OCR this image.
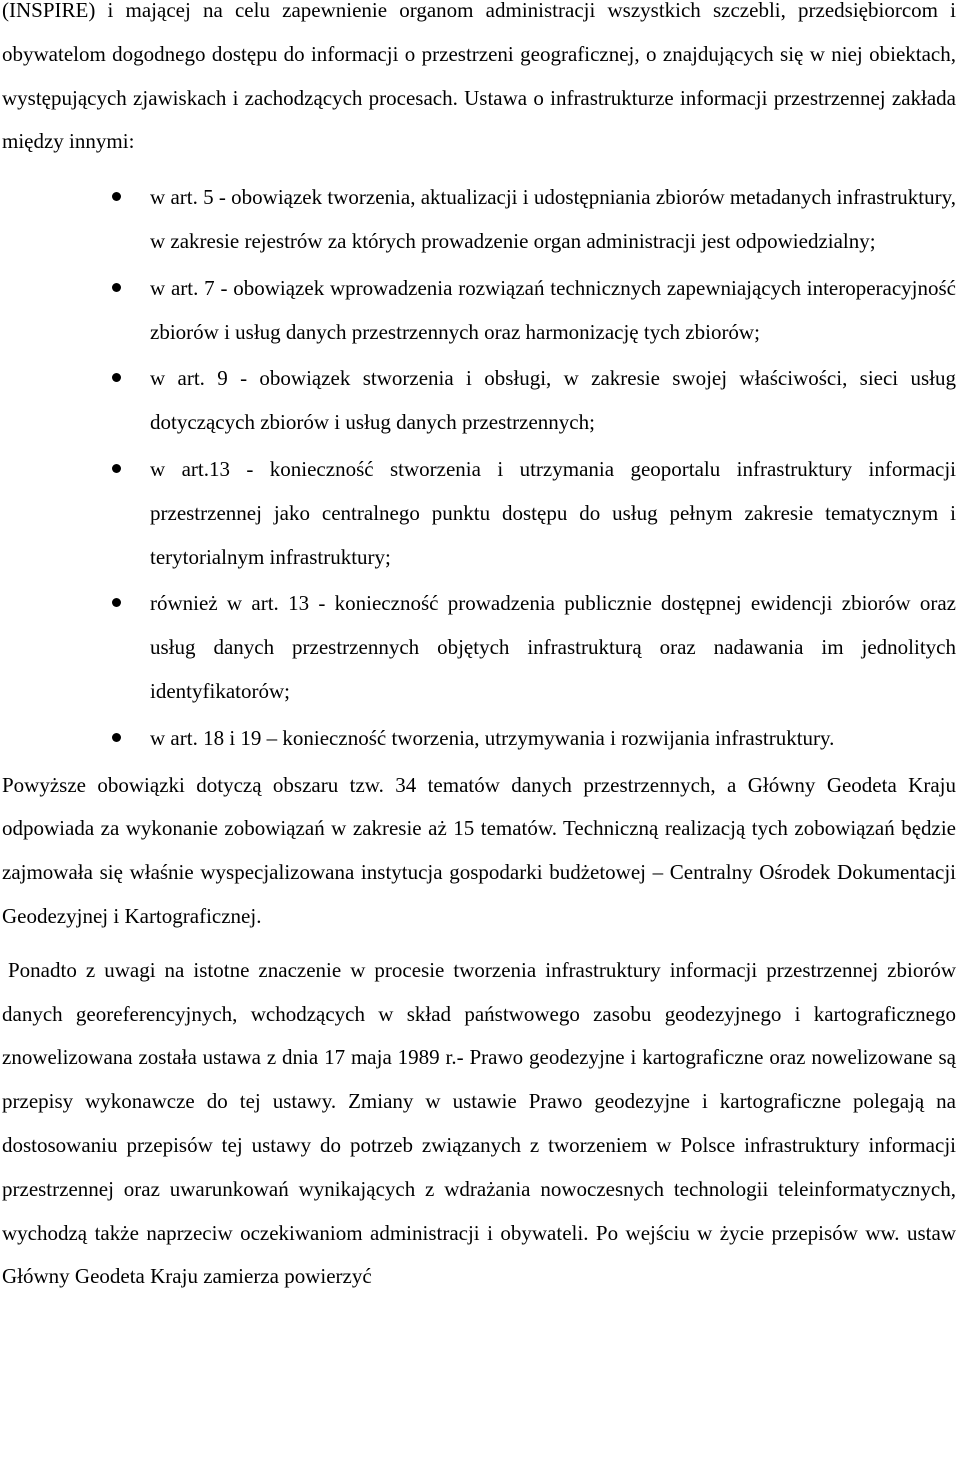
(INSPIRE) i mającej na celu zapewnienie organom administracji wszystkich szczebli, przedsiębiorcom i obywatelom dogodnego dostępu do informacji o przestrzeni geograficznej, o znajdujących się w niej obiektach, występujących zjawiskach i zachodzących procesach. Ustawa o infrastrukturze informacji przestrzennej zakłada między innymi:

w art. 5 - obowiązek tworzenia, aktualizacji i udostępniania zbiorów metadanych infrastruktury, w zakresie rejestrów za których prowadzenie organ administracji jest odpowiedzialny;
w art. 7 - obowiązek wprowadzenia rozwiązań technicznych zapewniających interoperacyjność zbiorów i usług danych przestrzennych oraz harmonizację tych zbiorów;
w art. 9 - obowiązek stworzenia i obsługi, w zakresie swojej właściwości, sieci usług dotyczących zbiorów i usług danych przestrzennych;
w art.13 - konieczność stworzenia i utrzymania geoportalu infrastruktury informacji przestrzennej jako centralnego punktu dostępu do usług pełnym zakresie tematycznym i terytorialnym infrastruktury;
również w art. 13 - konieczność prowadzenia publicznie dostępnej ewidencji zbiorów oraz usług danych przestrzennych objętych infrastrukturą oraz nadawania im jednolitych identyfikatorów;
w art. 18 i 19 – konieczność tworzenia, utrzymywania i rozwijania infrastruktury.

Powyższe obowiązki dotyczą obszaru tzw. 34 tematów danych przestrzennych, a Główny Geodeta Kraju odpowiada za wykonanie zobowiązań w zakresie aż 15 tematów. Techniczną realizacją tych zobowiązań będzie zajmowała się właśnie wyspecjalizowana instytucja gospodarki budżetowej – Centralny Ośrodek Dokumentacji Geodezyjnej i Kartograficznej.

Ponadto z uwagi na istotne znaczenie w procesie tworzenia infrastruktury informacji przestrzennej zbiorów danych georeferencyjnych, wchodzących w skład państwowego zasobu geodezyjnego i kartograficznego znowelizowana została ustawa z dnia 17 maja 1989 r.- Prawo geodezyjne i kartograficzne oraz nowelizowane są przepisy wykonawcze do tej ustawy. Zmiany w ustawie Prawo geodezyjne i kartograficzne polegają na dostosowaniu przepisów tej ustawy do potrzeb związanych z tworzeniem w Polsce infrastruktury informacji przestrzennej oraz uwarunkowań wynikających z wdrażania nowoczesnych technologii teleinformatycznych, wychodzą także naprzeciw oczekiwaniom administracji i obywateli. Po wejściu w życie przepisów ww. ustaw Główny Geodeta Kraju zamierza powierzyć
